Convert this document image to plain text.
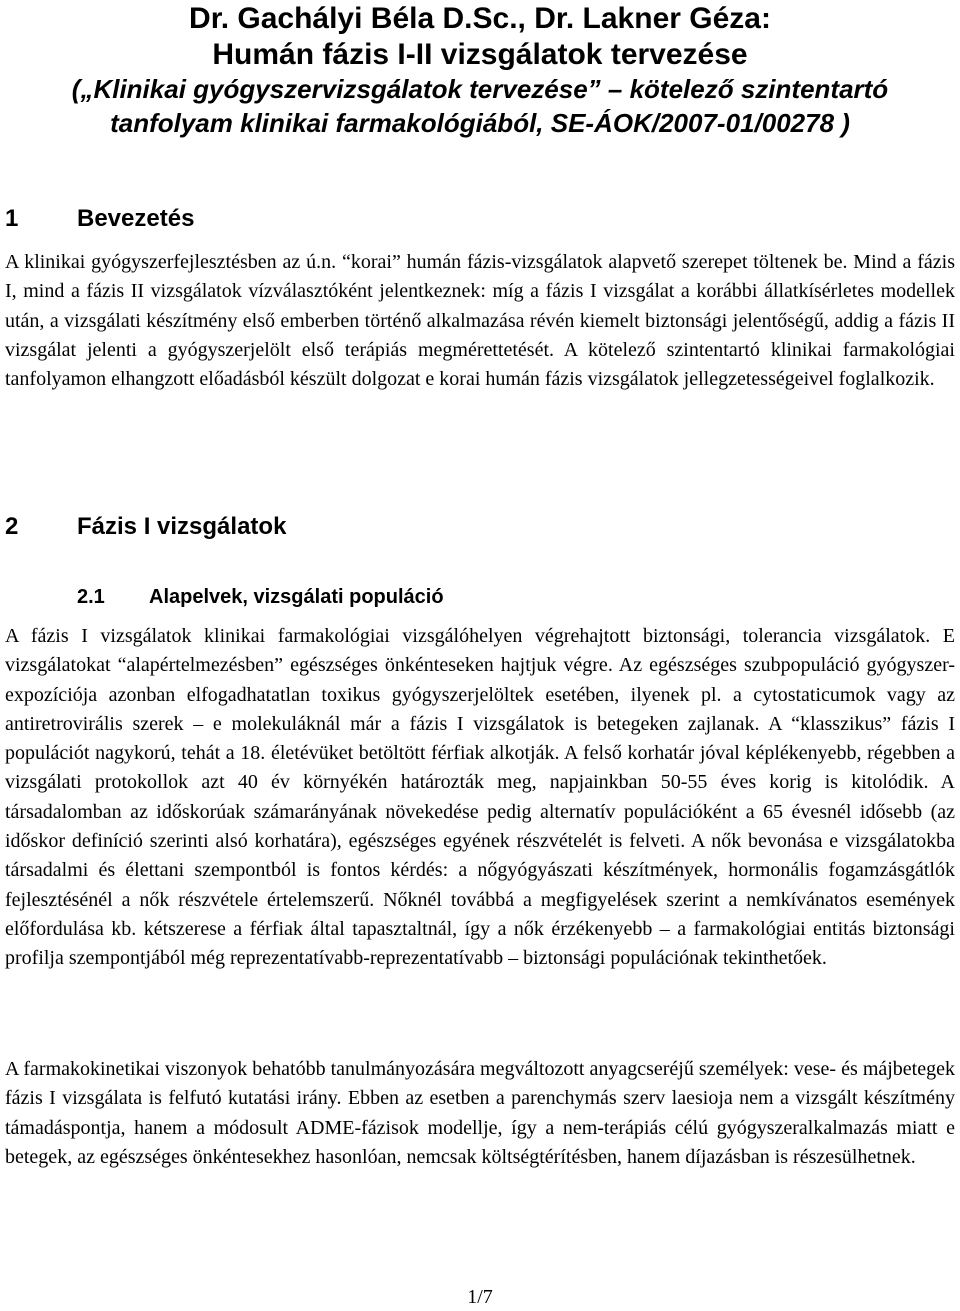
Dr. Gachályi Béla D.Sc., Dr. Lakner Géza:
Humán fázis I-II vizsgálatok tervezése
(„Klinikai gyógyszervizsgálatok tervezése” – kötelező szintentartó
tanfolyam klinikai farmakológiából, SE-ÁOK/2007-01/00278 )
1 Bevezetés

A klinikai gyógyszerfejlesztésben az ú.n. “korai” humán fázis-vizsgálatok alapvető szerepet töltenek be. Mind a fázis I, mind a fázis II vizsgálatok vízválasztóként jelentkeznek: míg a fázis I vizsgálat a korábbi állatkísérletes modellek után, a vizsgálati készítmény első emberben történő alkalmazása révén kiemelt biztonsági jelentőségű, addig a fázis II vizsgálat jelenti a gyógyszerjelölt első terápiás megmérettetését. A kötelező szintentartó klinikai farmakológiai tanfolyamon elhangzott előadásból készült dolgozat e korai humán fázis vizsgálatok jellegzetességeivel foglalkozik.

2 Fázis I vizsgálatok
2.1 Alapelvek, vizsgálati populáció

A fázis I vizsgálatok klinikai farmakológiai vizsgálóhelyen végrehajtott biztonsági, tolerancia vizsgálatok. E vizsgálatokat “alapértelmezésben” egészséges önkénteseken hajtjuk végre. Az egészséges szubpopuláció gyógyszer-expozíciója azonban elfogadhatatlan toxikus gyógyszerjelöltek esetében, ilyenek pl. a cytostaticumok vagy az antiretrovirális szerek – e molekuláknál már a fázis I vizsgálatok is betegeken zajlanak. A “klasszikus” fázis I populációt nagykorú, tehát a 18. életévüket betöltött férfiak alkotják. A felső korhatár jóval képlékenyebb, régebben a vizsgálati protokollok azt 40 év környékén határozták meg, napjainkban 50-55 éves korig is kitolódik. A társadalomban az időskorúak számarányának növekedése pedig alternatív populációként a 65 évesnél idősebb (az időskor definíció szerinti alsó korhatára), egészséges egyének részvételét is felveti. A nők bevonása e vizsgálatokba társadalmi és élettani szempontból is fontos kérdés: a nőgyógyászati készítmények, hormonális fogamzásgátlók fejlesztésénél a nők részvétele értelemszerű. Nőknél továbbá a megfigyelések szerint a nemkívánatos események előfordulása kb. kétszerese a férfiak által tapasztaltnál, így a nők érzékenyebb – a farmakológiai entitás biztonsági profilja szempontjából még reprezentatívabb-reprezentatívabb – biztonsági populációnak tekinthetőek.

A farmakokinetikai viszonyok behatóbb tanulmányozására megváltozott anyagcseréjű személyek: vese- és májbetegek fázis I vizsgálata is felfutó kutatási irány. Ebben az esetben a parenchymás szerv laesioja nem a vizsgált készítmény támadáspontja, hanem a módosult ADME-fázisok modellje, így a nem-terápiás célú gyógyszeralkalmazás miatt e betegek, az egészséges önkéntesekhez hasonlóan, nemcsak költségtérítésben, hanem díjazásban is részesülhetnek.

1/7
